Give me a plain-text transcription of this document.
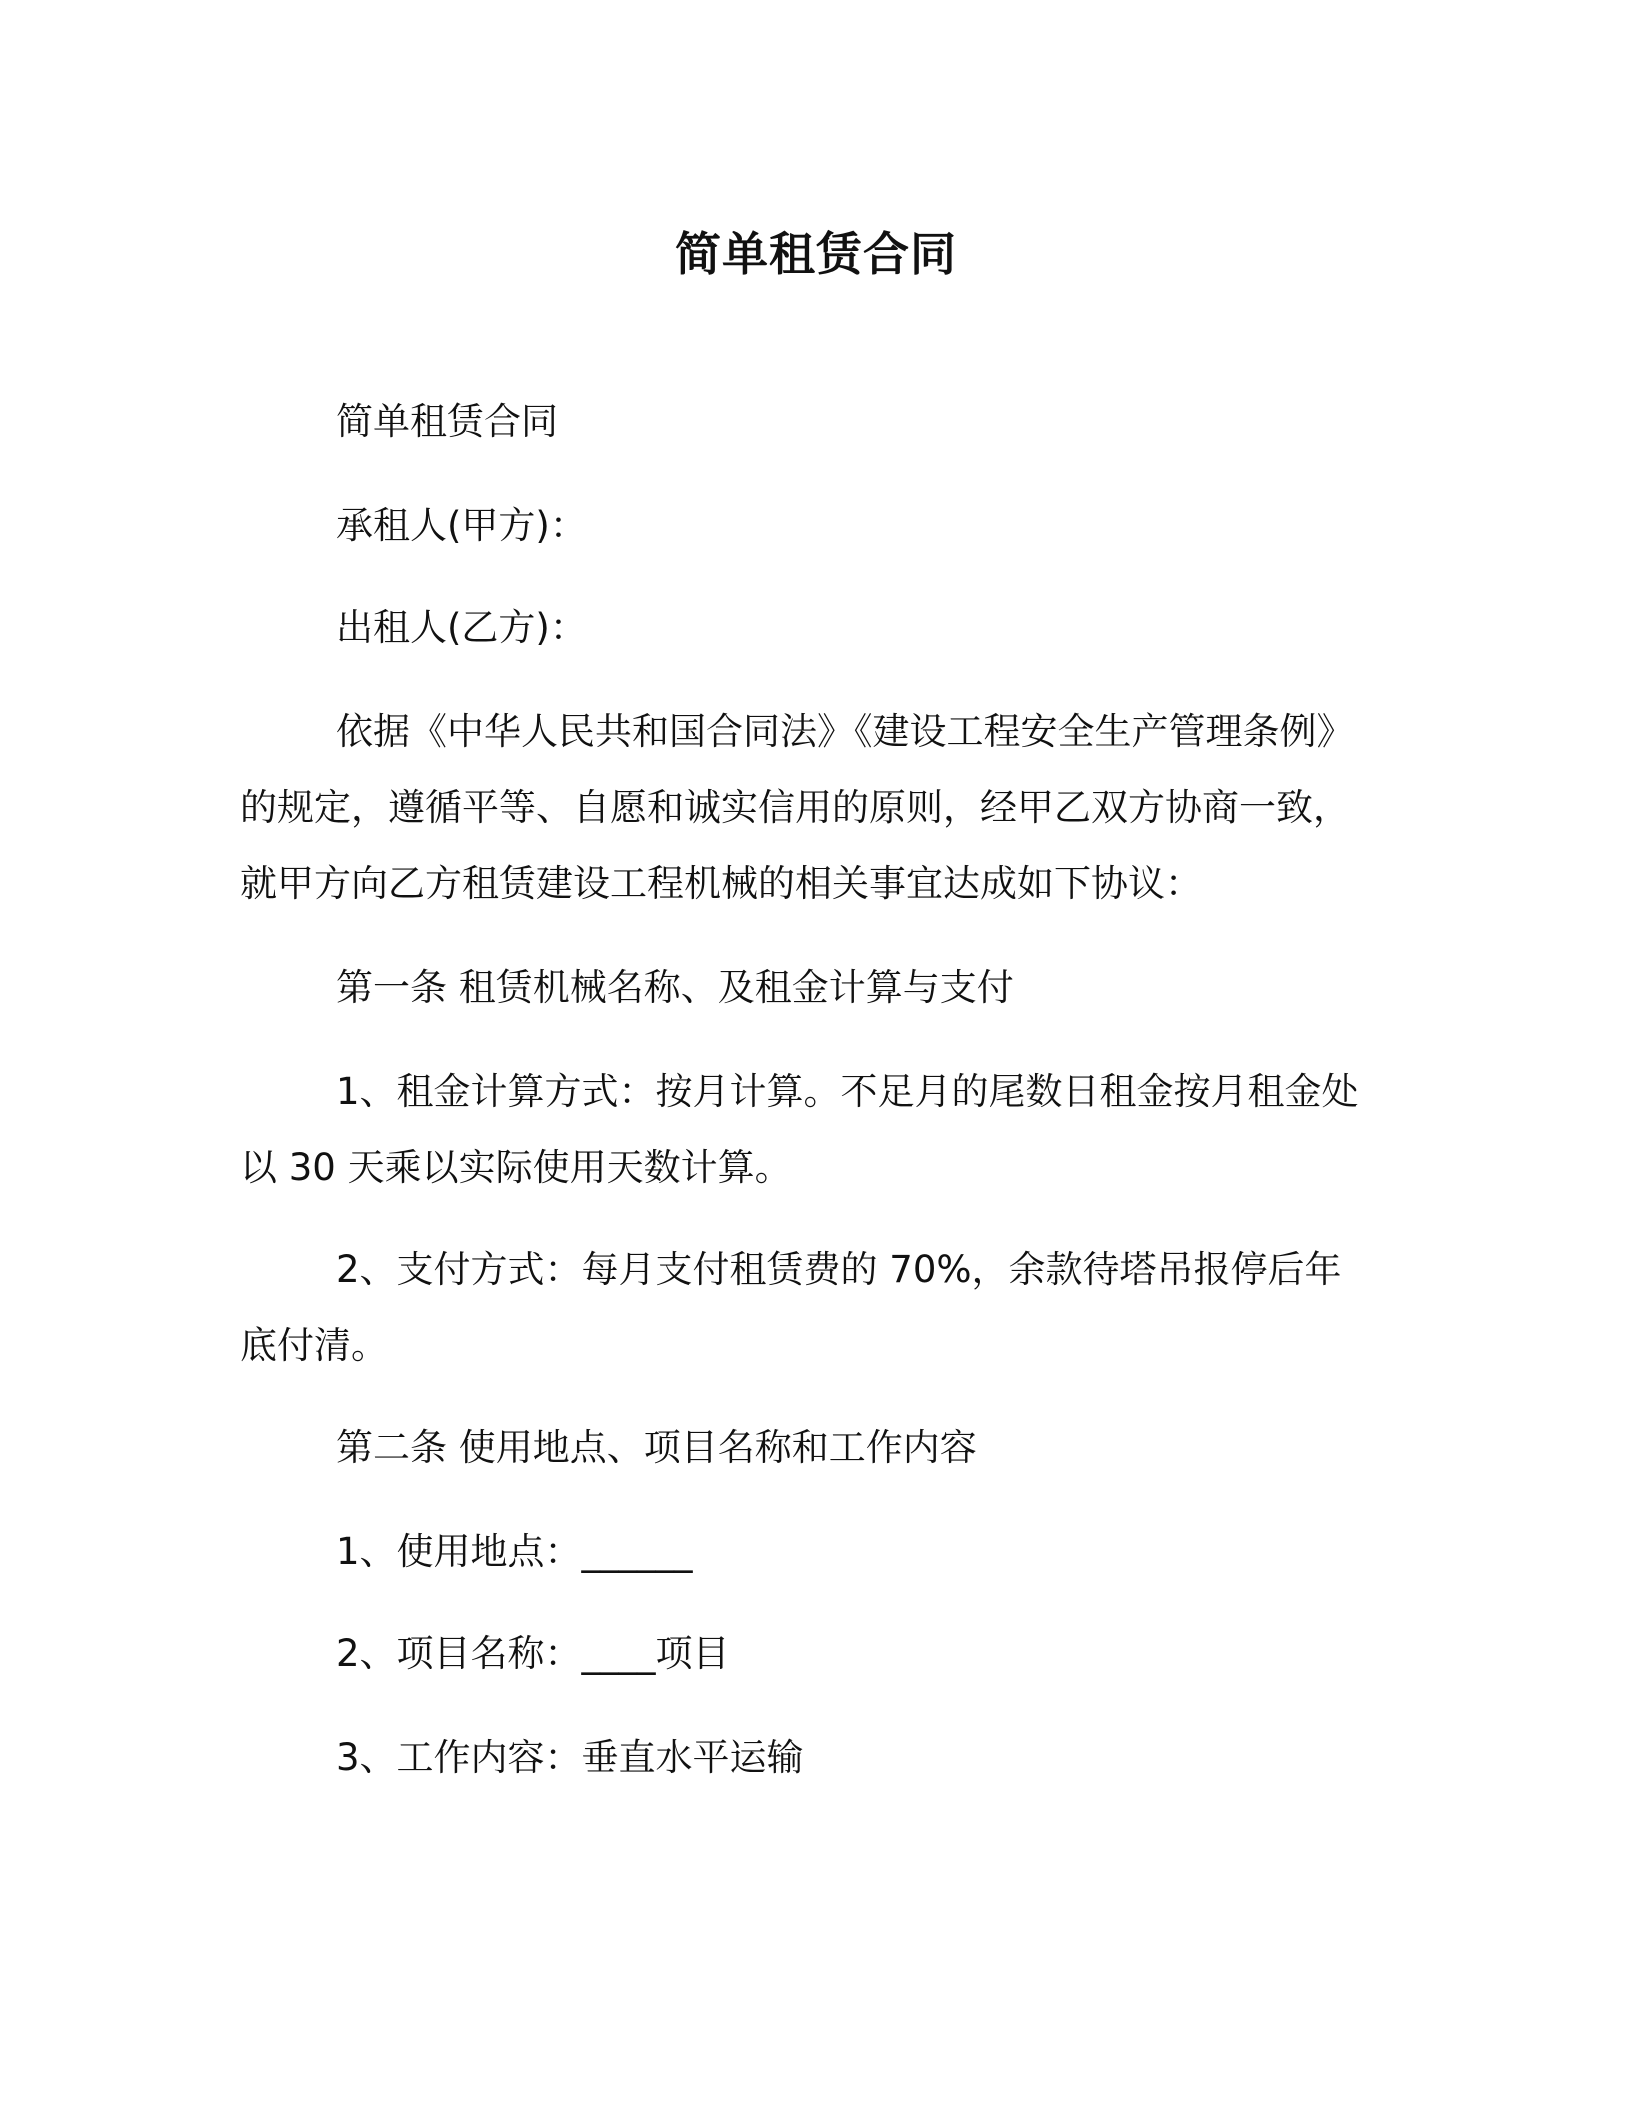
简单租赁合同

简单租赁合同

承租人(甲方)：

出租人(乙方)：

依据《中华人民共和国合同法》《建设工程安全生产管理条例》的规定，遵循平等、自愿和诚实信用的原则，经甲乙双方协商一致，就甲方向乙方租赁建设工程机械的相关事宜达成如下协议：

第一条 租赁机械名称、及租金计算与支付

1、租金计算方式：按月计算。不足月的尾数日租金按月租金处以 30 天乘以实际使用天数计算。

2、支付方式：每月支付租赁费的 70%，余款待塔吊报停后年底付清。

第二条 使用地点、项目名称和工作内容

1、使用地点：______

2、项目名称：____项目

3、工作内容：垂直水平运输
